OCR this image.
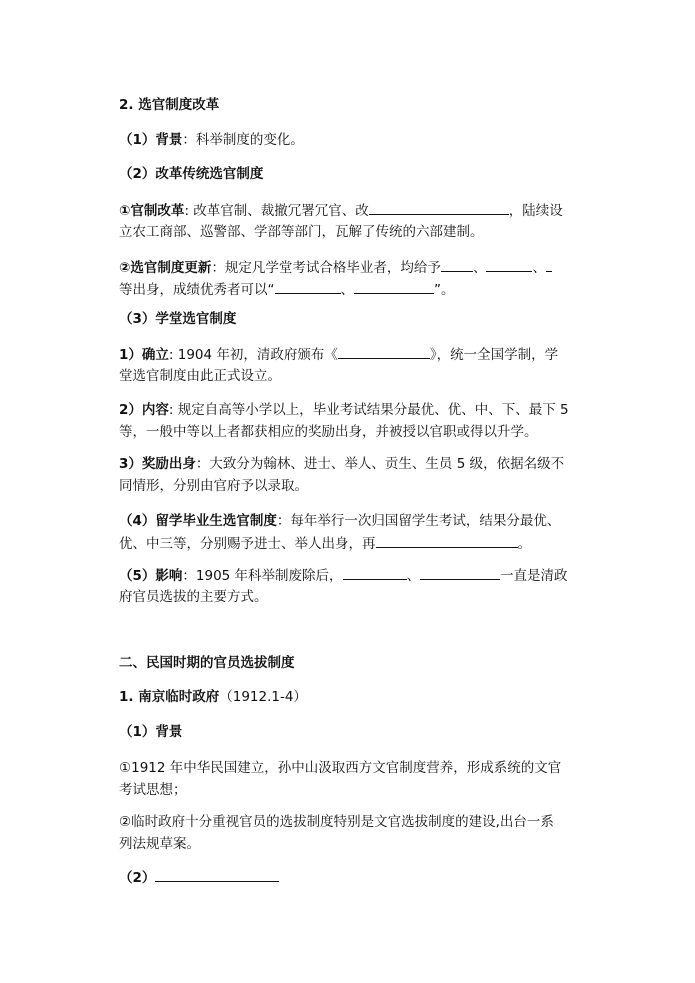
2. 选官制度改革
（1）背景：科举制度的变化。
（2）改革传统选官制度
①官制改革: 改革官制、裁撤冗署冗官、改	，陆续设
立农工商部、巡警部、学部等部门，瓦解了传统的六部建制。
②选官制度更新：规定凡学堂考试合格毕业者，均给予 、	、
等出身，成绩优秀者可以“	、	”。
（3）学堂选官制度
1）确立: 1904 年初，清政府颁布《	》，统一全国学制，学
堂选官制度由此正式设立。
2）内容: 规定自高等小学以上，毕业考试结果分最优、优、中、下、最下 5
等，一般中等以上者都获相应的奖励出身，并被授以官职或得以升学。
3）奖励出身：大致分为翰林、进士、举人、贡生、生员 5 级，依据名级不
同情形，分别由官府予以录取。
（4）留学毕业生选官制度：每年举行一次归国留学生考试，结果分最优、
优、中三等，分别赐予进士、举人出身，再	。
（5）影响：1905 年科举制废除后，	、	一直是清政
府官员选拔的主要方式。
二、民国时期的官员选拔制度
1. 南京临时政府（1912.1-4）
（1）背景
①1912 年中华民国建立，孙中山汲取西方文官制度营养，形成系统的文官
考试思想；
②临时政府十分重视官员的选拔制度特别是文官选拔制度的建设,出台一系
列法规草案。
（2）
